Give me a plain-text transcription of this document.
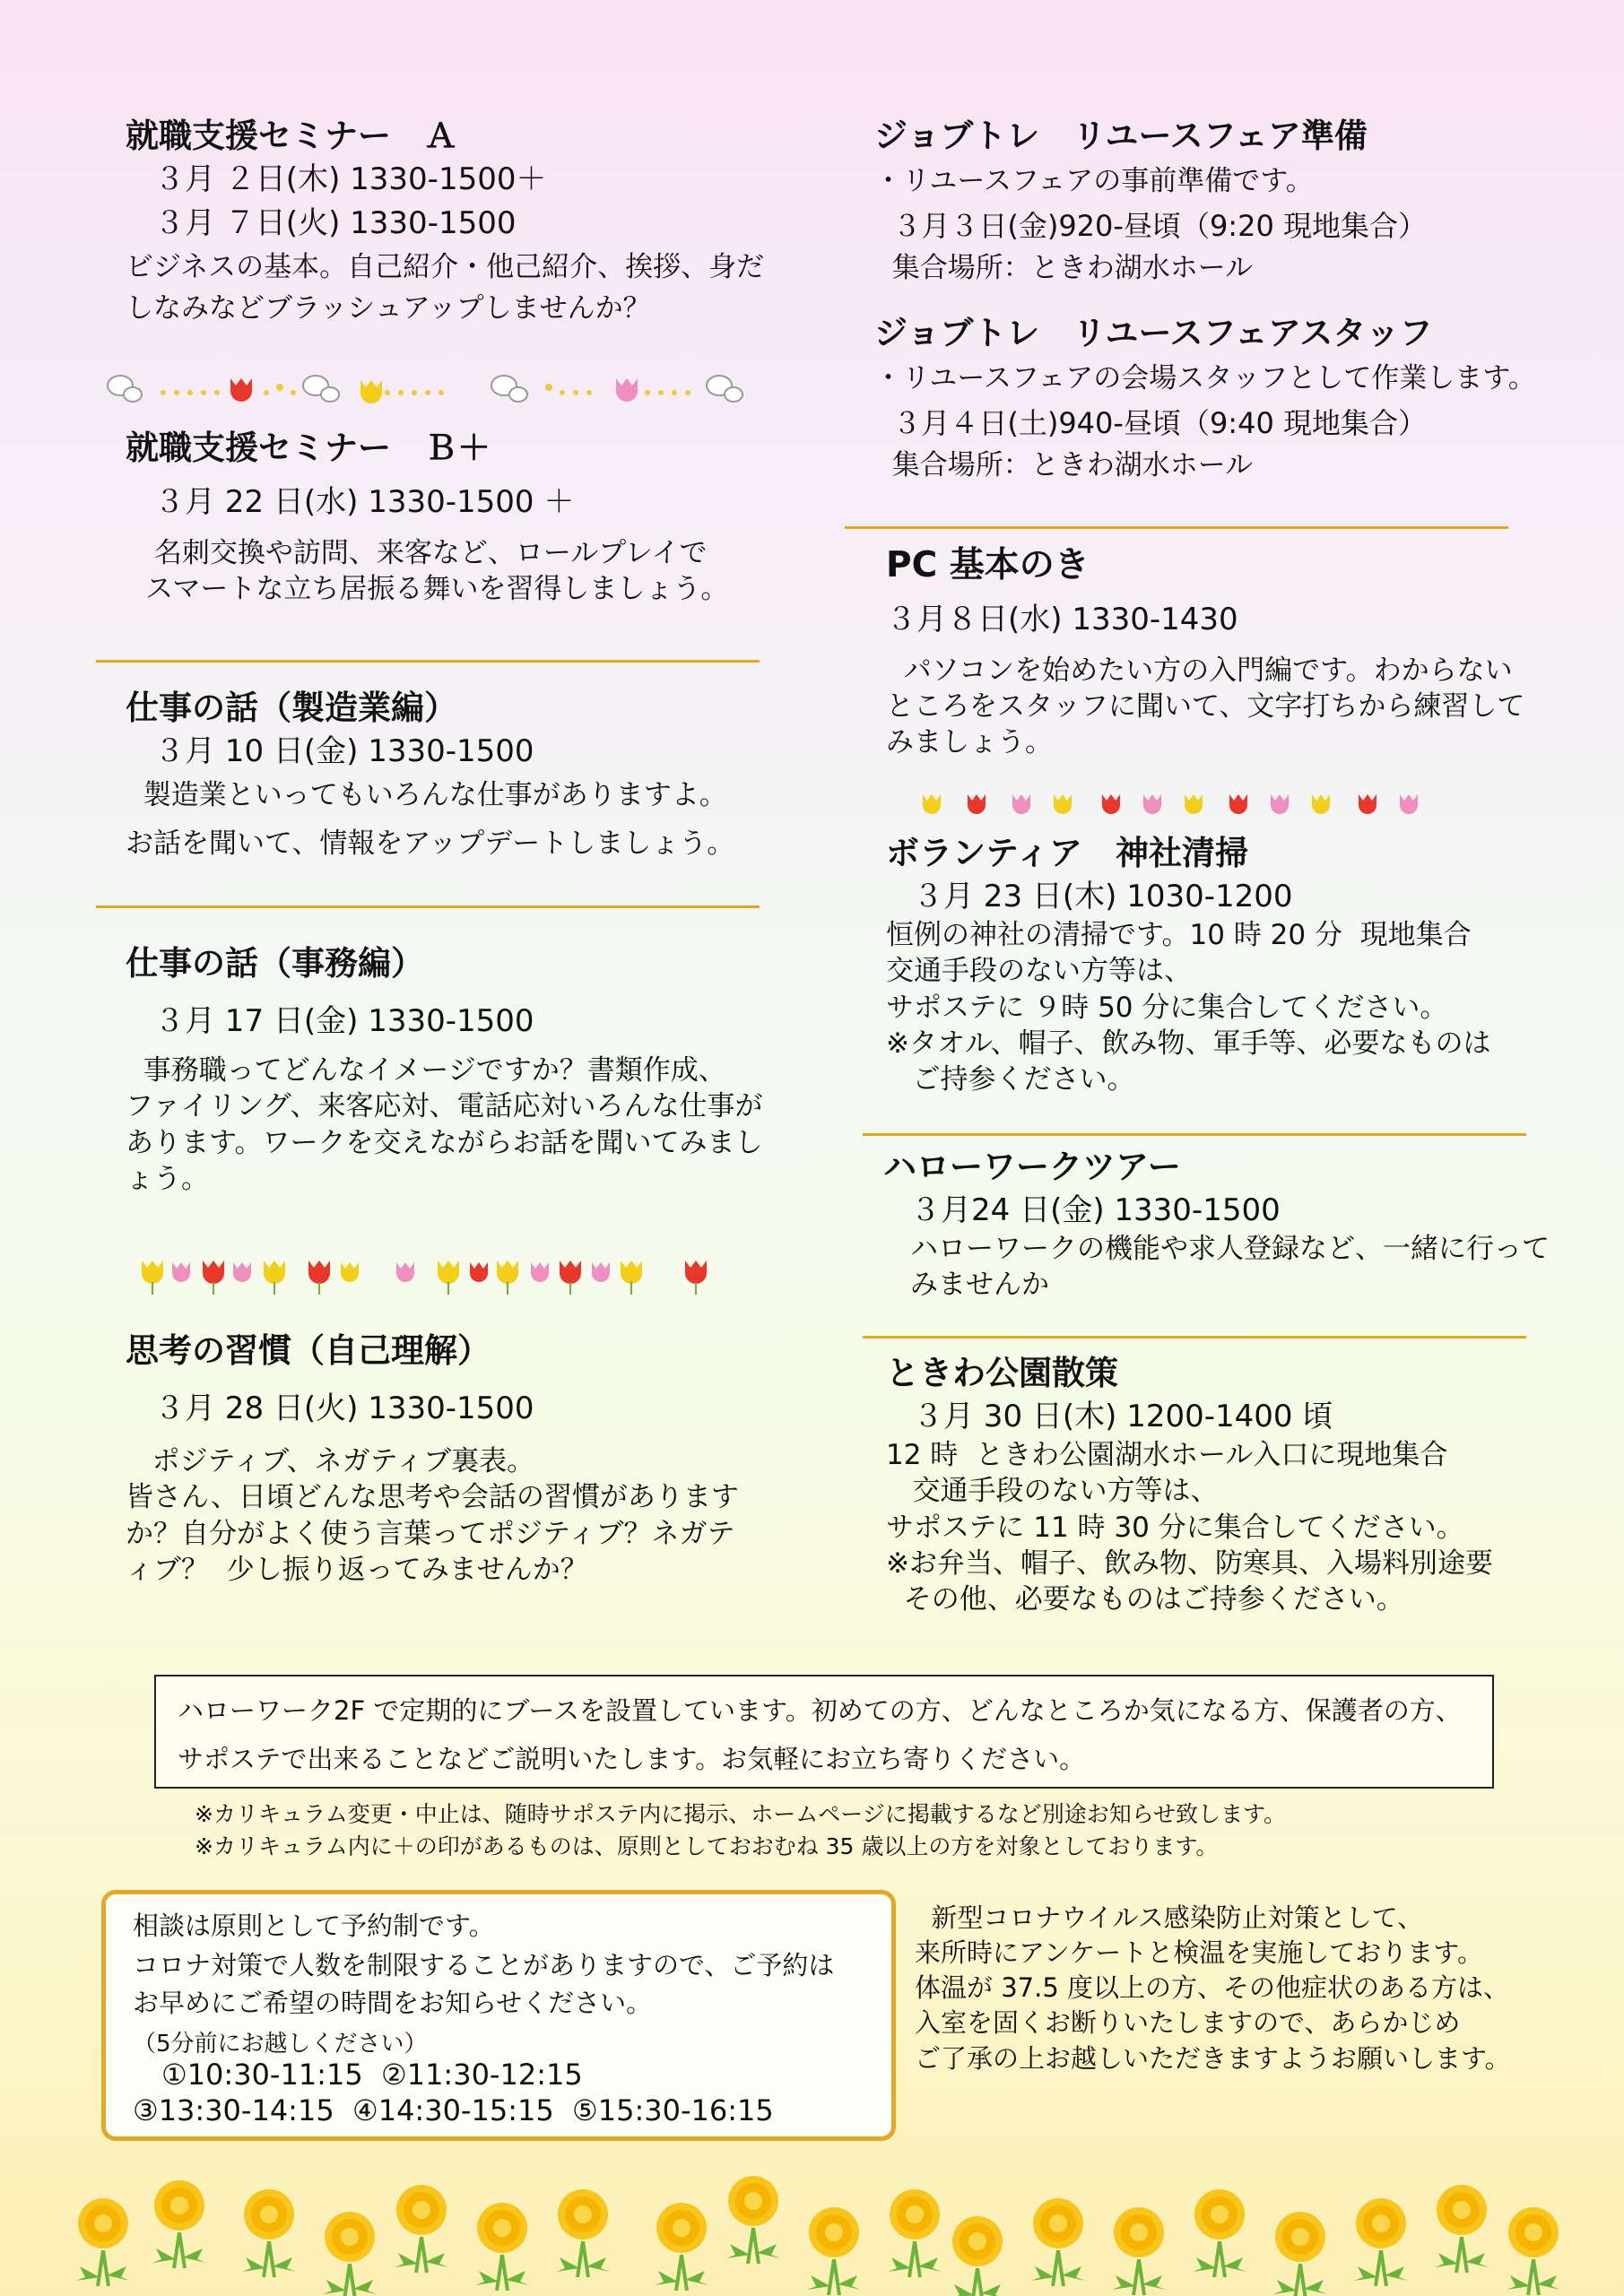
就職支援セミナー　Ａ
３月 ２日(木) 1330-1500＋
３月 ７日(火) 1330-1500
ビジネスの基本。自己紹介・他己紹介、挨拶、身だ
しなみなどブラッシュアップしませんか？
就職支援セミナー　Ｂ＋
３月 22 日(水) 1330-1500 ＋
名刺交換や訪問、来客など、ロールプレイで
スマートな立ち居振る舞いを習得しましょう。
仕事の話（製造業編）
３月 10 日(金) 1330-1500
製造業といってもいろんな仕事がありますよ。
お話を聞いて、情報をアップデートしましょう。
仕事の話（事務編）
３月 17 日(金) 1330-1500
事務職ってどんなイメージですか？書類作成、
ファイリング、来客応対、電話応対いろんな仕事が
あります。ワークを交えながらお話を聞いてみまし
ょう。
思考の習慣（自己理解）
３月 28 日(火) 1330-1500
ポジティブ、ネガティブ裏表。
皆さん、日頃どんな思考や会話の習慣があります
か？自分がよく使う言葉ってポジティブ？ネガテ
ィブ？  少し振り返ってみませんか？
ジョブトレ　リユースフェア準備
・リユースフェアの事前準備です。
３月３日(金)920-昼頃（9:20 現地集合）
集合場所：ときわ湖水ホール
ジョブトレ　リユースフェアスタッフ
・リユースフェアの会場スタッフとして作業します。
３月４日(土)940-昼頃（9:40 現地集合）
集合場所：ときわ湖水ホール
PC 基本のき
３月８日(水) 1330-1430
パソコンを始めたい方の入門編です。わからない
ところをスタッフに聞いて、文字打ちから練習して
みましょう。
ボランティア　神社清掃
３月 23 日(木) 1030-1200
恒例の神社の清掃です。10 時 20 分  現地集合
交通手段のない方等は、
サポステに ９時 50 分に集合してください。
※タオル、帽子、飲み物、軍手等、必要なものは
ご持参ください。
ハローワークツアー
３月24 日(金) 1330-1500
ハローワークの機能や求人登録など、一緒に行って
みませんか
ときわ公園散策
３月 30 日(木) 1200-1400 頃
12 時  ときわ公園湖水ホール入口に現地集合
交通手段のない方等は、
サポステに 11 時 30 分に集合してください。
※お弁当、帽子、飲み物、防寒具、入場料別途要
その他、必要なものはご持参ください。
ハローワーク2F で定期的にブースを設置しています。初めての方、どんなところか気になる方、保護者の方、
サポステで出来ることなどご説明いたします。お気軽にお立ち寄りください。
※カリキュラム変更・中止は、随時サポステ内に掲示、ホームページに掲載するなど別途お知らせ致します。
※カリキュラム内に＋の印があるものは、原則としておおむね 35 歳以上の方を対象としております。
相談は原則として予約制です。
コロナ対策で人数を制限することがありますので、ご予約は
お早めにご希望の時間をお知らせください。
（5分前にお越しください）
①10:30-11:15  ②11:30-12:15
③13:30-14:15  ④14:30-15:15  ⑤15:30-16:15
新型コロナウイルス感染防止対策として、
来所時にアンケートと検温を実施しております。
体温が 37.5 度以上の方、その他症状のある方は、
入室を固くお断りいたしますので、あらかじめ
ご了承の上お越しいただきますようお願いします。
